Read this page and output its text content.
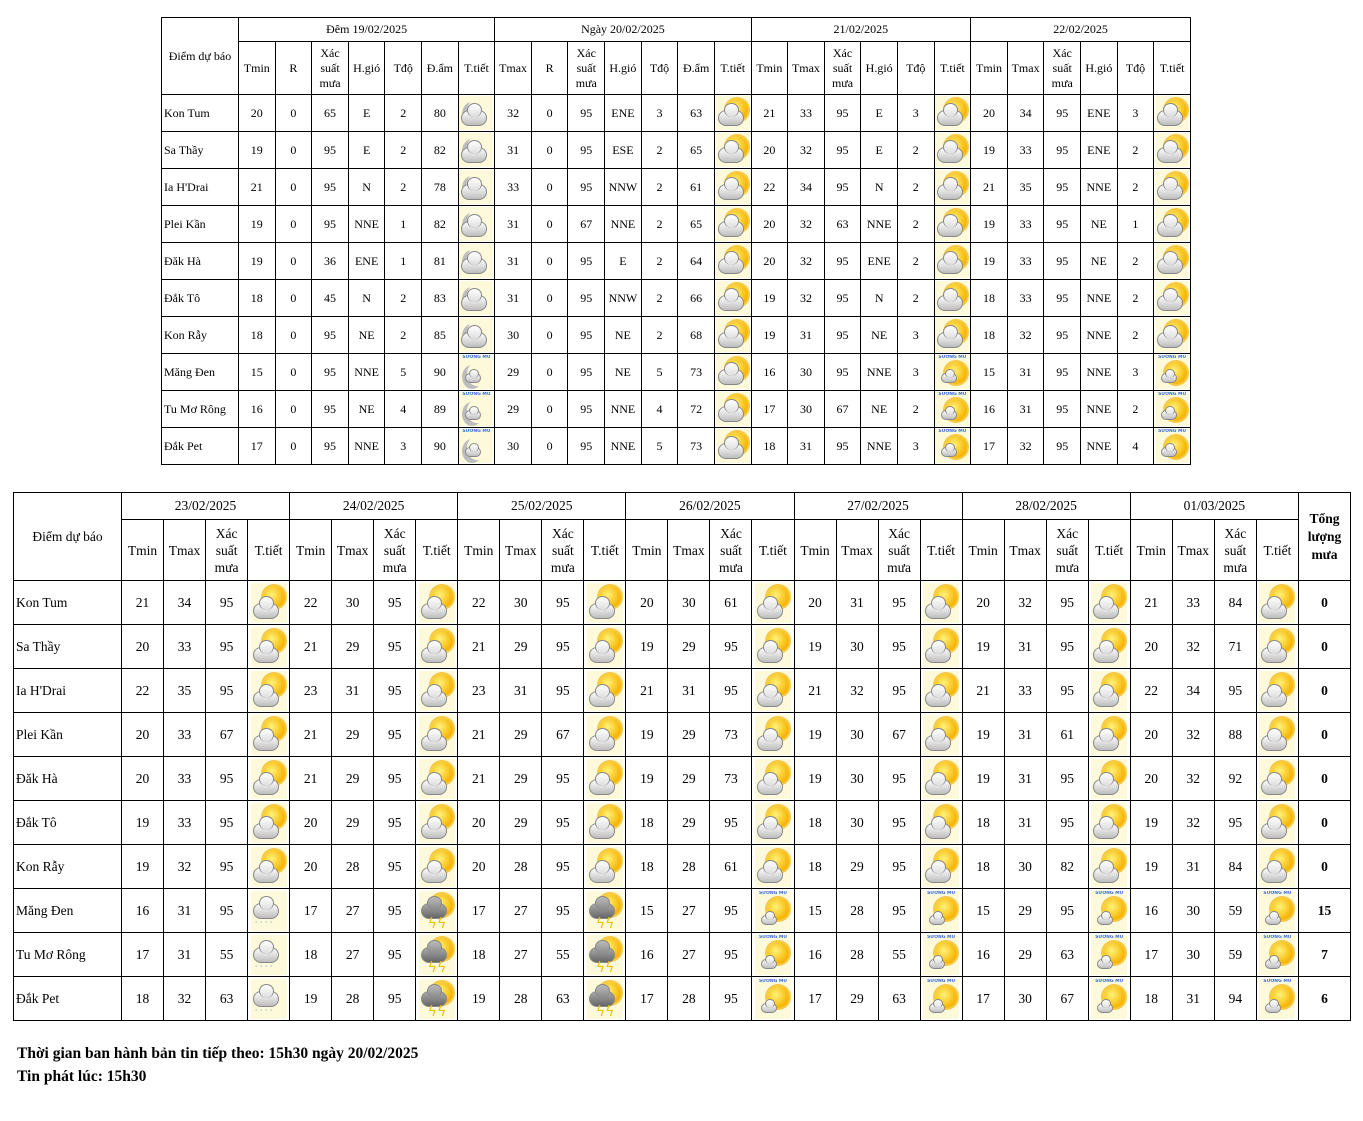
Điểm dự báo	Đêm 19/02/2025							Ngày 20/02/2025							21/02/2025						22/02/2025					
	Tmin	R	Xác suất mưa	H.gió	Tđộ	Đ.ẩm	T.tiết	Tmax	R	Xác suất mưa	H.gió	Tđộ	Đ.ẩm	T.tiết	Tmin	Tmax	Xác suất mưa	H.gió	Tđộ	T.tiết	Tmin	Tmax	Xác suất mưa	H.gió	Tđộ	T.tiết
Kon Tum	20	0	65	E	2	80		32	0	95	ENE	3	63		21	33	95	E	3		20	34	95	ENE	3	

Sa Thầy	19	0	95	E	2	82		31	0	95	ESE	2	65		20	32	95	E	2		19	33	95	ENE	2	

Ia H'Drai	21	0	95	N	2	78		33	0	95	NNW	2	61		22	34	95	N	2		21	35	95	NNE	2	

Plei Kần	19	0	95	NNE	1	82		31	0	67	NNE	2	65		20	32	63	NNE	2		19	33	95	NE	1	

Đăk Hà	19	0	36	ENE	1	81		31	0	95	E	2	64		20	32	95	ENE	2		19	33	95	NE	2	

Đắk Tô	18	0	45	N	2	83		31	0	95	NNW	2	66		19	32	95	N	2		18	33	95	NNE	2	

Kon Rẫy	18	0	95	NE	2	85		30	0	95	NE	2	68		19	31	95	NE	3		18	32	95	NNE	2	

Măng Đen	15	0	95	NNE	5	90	SƯƠNG MÙ	29	0	95	NE	5	73		16	30	95	NNE	3	SƯƠNG MÙ	15	31	95	NNE	3	SƯƠNG MÙ

Tu Mơ Rông	16	0	95	NE	4	89	SƯƠNG MÙ	29	0	95	NNE	4	72		17	30	67	NE	2	SƯƠNG MÙ	16	31	95	NNE	2	SƯƠNG MÙ

Đắk Pet	17	0	95	NNE	3	90	SƯƠNG MÙ	30	0	95	NNE	5	73		18	31	95	NNE	3	SƯƠNG MÙ	17	32	95	NNE	4	SƯƠNG MÙ
Điểm dự báo	23/02/2025				24/02/2025				25/02/2025				26/02/2025				27/02/2025				28/02/2025				01/03/2025				Tổng lượng mưa
	Tmin	Tmax	Xác suất mưa	T.tiết	Tmin	Tmax	Xác suất mưa	T.tiết	Tmin	Tmax	Xác suất mưa	T.tiết	Tmin	Tmax	Xác suất mưa	T.tiết	Tmin	Tmax	Xác suất mưa	T.tiết	Tmin	Tmax	Xác suất mưa	T.tiết	Tmin	Tmax	Xác suất mưa	T.tiết	
Kon Tum	21	34	95		22	30	95		22	30	95		20	30	61		20	31	95		20	32	95		21	33	84		0
Sa Thầy	20	33	95		21	29	95		21	29	95		19	29	95		19	30	95		19	31	95		20	32	71		0
Ia H'Drai	22	35	95		23	31	95		23	31	95		21	31	95		21	32	95		21	33	95		22	34	95		0
Plei Kần	20	33	67		21	29	95		21	29	67		19	29	73		19	30	67		19	31	61		20	32	88		0
Đăk Hà	20	33	95		21	29	95		21	29	95		19	29	73		19	30	95		19	31	95		20	32	92		0
Đắk Tô	19	33	95		20	29	95		20	29	95		18	29	95		18	30	95		18	31	95		19	32	95		0
Kon Rẫy	19	32	95		20	28	95		20	28	95		18	28	61		18	29	95		18	30	82		19	31	84		0
Măng Đen	16	31	95	˙˙˙˙	17	27	95	ϟϟ	17	27	95	ϟϟ	15	27	95	SƯƠNG MÙ	15	28	95	SƯƠNG MÙ	15	29	95	SƯƠNG MÙ	16	30	59	SƯƠNG MÙ	15
Tu Mơ Rông	17	31	55	˙˙˙˙	18	27	95	ϟϟ	18	27	55	ϟϟ	16	27	95	SƯƠNG MÙ	16	28	55	SƯƠNG MÙ	16	29	63	SƯƠNG MÙ	17	30	59	SƯƠNG MÙ	7
Đắk Pet	18	32	63	˙˙˙˙	19	28	95	ϟϟ	19	28	63	ϟϟ	17	28	95	SƯƠNG MÙ	17	29	63	SƯƠNG MÙ	17	30	67	SƯƠNG MÙ	18	31	94	SƯƠNG MÙ	6
Thời gian ban hành bản tin tiếp theo: 15h30 ngày 20/02/2025
Tin phát lúc: 15h30
